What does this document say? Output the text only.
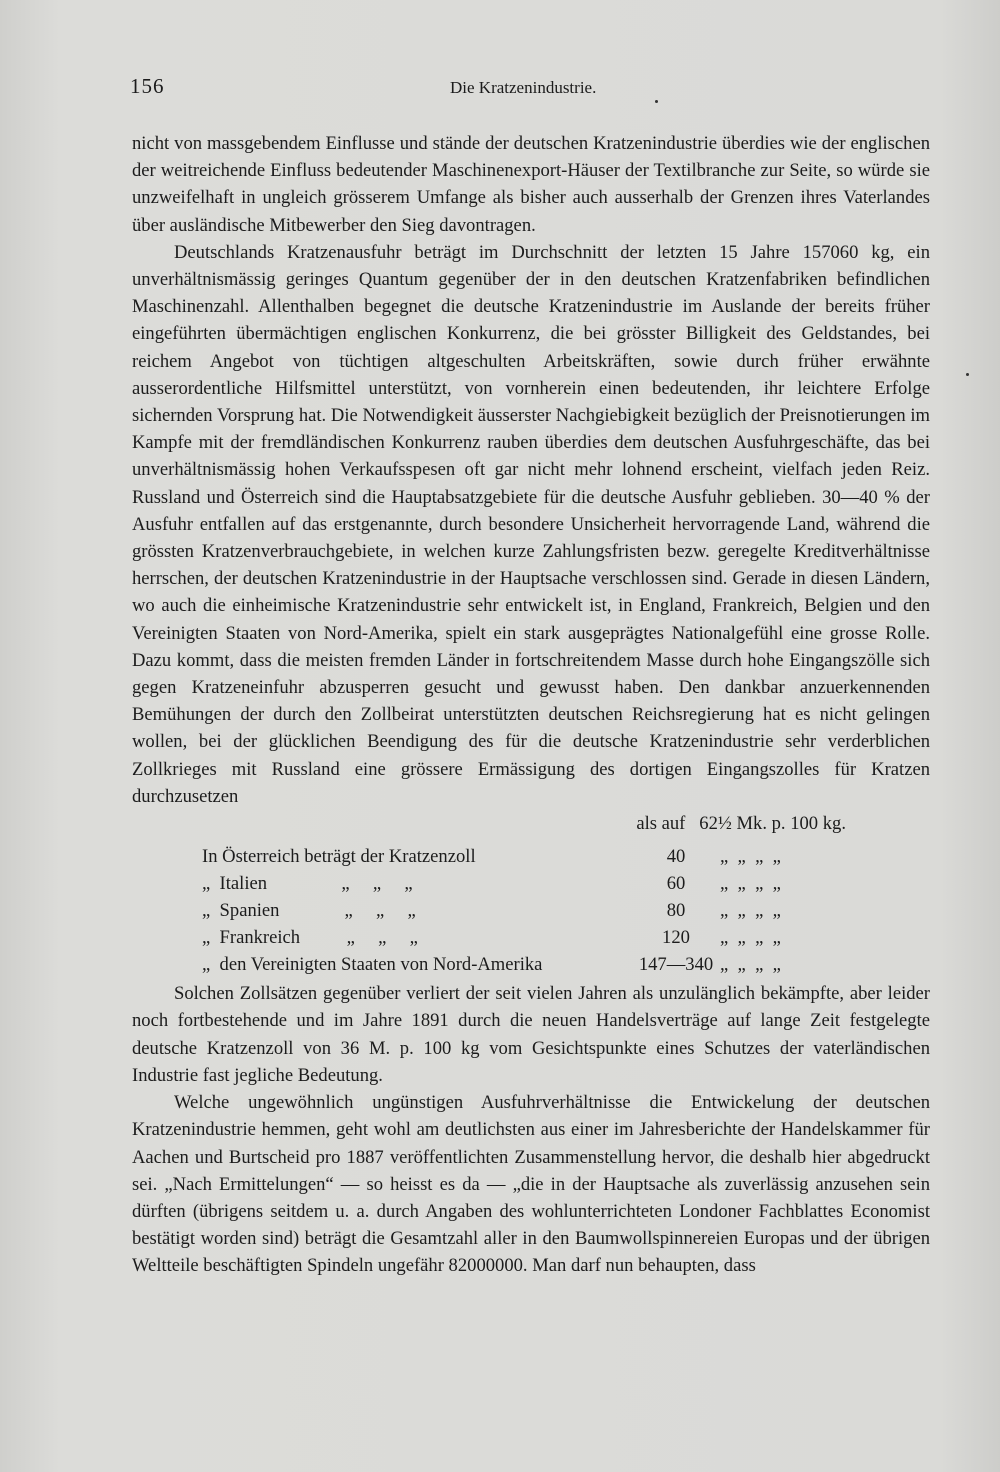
156	Die Kratzenindustrie.

nicht von massgebendem Einflusse und stände der deutschen Kratzenindustrie überdies wie der englischen der weitreichende Einfluss bedeutender Maschinenexport-Häuser der Textilbranche zur Seite, so würde sie unzweifelhaft in ungleich grösserem Umfange als bisher auch ausserhalb der Grenzen ihres Vaterlandes über ausländische Mitbewerber den Sieg davontragen.

Deutschlands Kratzenausfuhr beträgt im Durchschnitt der letzten 15 Jahre 157060 kg, ein unverhältnismässig geringes Quantum gegenüber der in den deutschen Kratzenfabriken befindlichen Maschinenzahl. Allenthalben begegnet die deutsche Kratzenindustrie im Auslande der bereits früher eingeführten übermächtigen englischen Konkurrenz, die bei grösster Billigkeit des Geldstandes, bei reichem Angebot von tüchtigen altgeschulten Arbeitskräften, sowie durch früher erwähnte ausserordentliche Hilfsmittel unterstützt, von vornherein einen bedeutenden, ihr leichtere Erfolge sichernden Vorsprung hat. Die Notwendigkeit äusserster Nachgiebigkeit bezüglich der Preisnotierungen im Kampfe mit der fremdländischen Konkurrenz rauben überdies dem deutschen Ausfuhrgeschäfte, das bei unverhältnismässig hohen Verkaufsspesen oft gar nicht mehr lohnend erscheint, vielfach jeden Reiz. Russland und Österreich sind die Hauptabsatzgebiete für die deutsche Ausfuhr geblieben. 30—40 % der Ausfuhr entfallen auf das erstgenannte, durch besondere Unsicherheit hervorragende Land, während die grössten Kratzenverbrauchgebiete, in welchen kurze Zahlungsfristen bezw. geregelte Kreditverhältnisse herrschen, der deutschen Kratzenindustrie in der Hauptsache verschlossen sind. Gerade in diesen Ländern, wo auch die einheimische Kratzenindustrie sehr entwickelt ist, in England, Frankreich, Belgien und den Vereinigten Staaten von Nord-Amerika, spielt ein stark ausgeprägtes Nationalgefühl eine grosse Rolle. Dazu kommt, dass die meisten fremden Länder in fortschreitendem Masse durch hohe Eingangszölle sich gegen Kratzeneinfuhr abzusperren gesucht und gewusst haben. Den dankbar anzuerkennenden Bemühungen der durch den Zollbeirat unterstützten deutschen Reichsregierung hat es nicht gelingen wollen, bei der glücklichen Beendigung des für die deutsche Kratzenindustrie sehr verderblichen Zollkrieges mit Russland eine grössere Ermässigung des dortigen Eingangszolles für Kratzen durchzusetzen

als auf   62½ Mk. p. 100 kg.
In Österreich beträgt der Kratzenzoll	40	„  „  „  „
„  Italien                „     „     „	60	„  „  „  „
„  Spanien              „     „     „	80	„  „  „  „
„  Frankreich          „     „     „	120	„  „  „  „
„  den Vereinigten Staaten von Nord-Amerika	147—340 „  „  „  „

Solchen Zollsätzen gegenüber verliert der seit vielen Jahren als unzulänglich bekämpfte, aber leider noch fortbestehende und im Jahre 1891 durch die neuen Handelsverträge auf lange Zeit festgelegte deutsche Kratzenzoll von 36 M. p. 100 kg vom Gesichtspunkte eines Schutzes der vaterländischen Industrie fast jegliche Bedeutung.

Welche ungewöhnlich ungünstigen Ausfuhrverhältnisse die Entwickelung der deutschen Kratzenindustrie hemmen, geht wohl am deutlichsten aus einer im Jahresberichte der Handelskammer für Aachen und Burtscheid pro 1887 veröffentlichten Zusammenstellung hervor, die deshalb hier abgedruckt sei. „Nach Ermittelungen“ — so heisst es da — „die in der Hauptsache als zuverlässig anzusehen sein dürften (übrigens seitdem u. a. durch Angaben des wohlunterrichteten Londoner Fachblattes Economist bestätigt worden sind) beträgt die Gesamtzahl aller in den Baumwollspinnereien Europas und der übrigen Weltteile beschäftigten Spindeln ungefähr 82000000. Man darf nun behaupten, dass
